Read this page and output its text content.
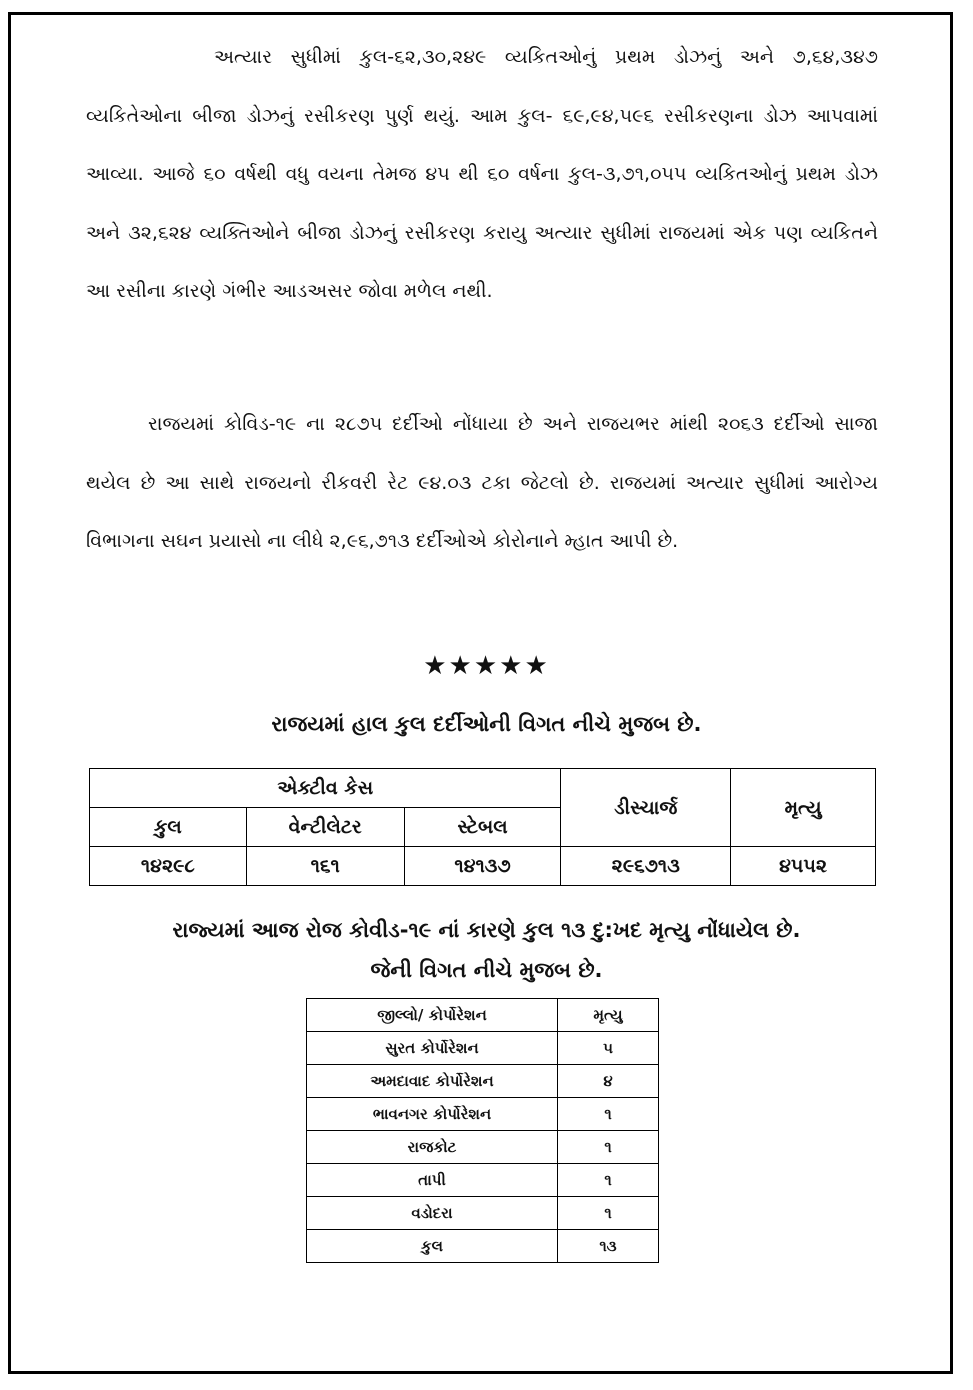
અત્યાર સુધીમાં કુલ-૬૨,૩૦,૨૪૯ વ્યકિતઓનું પ્રથમ ડોઝનું અને ૭,૬૪,૩૪૭ વ્યકિતેઓના બીજા ડોઝનું રસીકરણ પુર્ણ થયું. આમ કુલ- ૬૯,૯૪,૫૯૬ રસીકરણના ડોઝ આપવામાં આવ્યા. આજે ૬૦ વર્ષથી વધુ વયના તેમજ ૪૫ થી ૬૦ વર્ષના કુલ-૩,૭૧,૦૫૫ વ્યકિતઓનું પ્રથમ ડોઝ અને ૩૨,૬૨૪ વ્યક્તિઓને બીજા ડોઝનું રસીકરણ કરાયુ અત્યાર સુધીમાં રાજયમાં એક પણ વ્યકિતને આ રસીના કારણે ગંભીર આડઅસર જોવા મળેલ નથી.

રાજયમાં કોવિડ-૧૯ ના ૨૮૭૫ દર્દીઓ નોંધાયા છે અને રાજયભર માંથી ૨૦૬૩ દર્દીઓ સાજા થયેલ છે આ સાથે રાજયનો રીકવરી રેટ ૯૪.૦૩ ટકા જેટલો છે. રાજયમાં અત્યાર સુધીમાં આરોગ્ય વિભાગના સઘન પ્રયાસો ના લીધે ૨,૯૬,૭૧૩ દર્દીઓએ કોરોનાને મ્હાત આપી છે.

★★★★★
રાજયમાં હાલ કુલ દર્દીઓની વિગત નીચે મુજબ છે.
એક્ટીવ કેસ			ડીસ્ચાર્જ	મૃત્યુ
કુલ	વેન્ટીલેટર	સ્ટેબલ		
૧૪૨૯૮	૧૬૧	૧૪૧૩૭	૨૯૬૭૧૩	૪૫૫૨
રાજ્યમાં આજ રોજ કોવીડ-૧૯ નાં કારણે કુલ ૧૩ દુ:ખદ મૃત્યુ નોંધાયેલ છે.
જેની વિગત નીચે મુજબ છે.
જીલ્લો/ કોર્પોરેશન	મૃત્યુ
સુરત કોર્પોરેશન	૫
અમદાવાદ કોર્પોરેશન	૪
ભાવનગર કોર્પોરેશન	૧
રાજકોટ	૧
તાપી	૧
વડોદરા	૧
કુલ	૧૩
